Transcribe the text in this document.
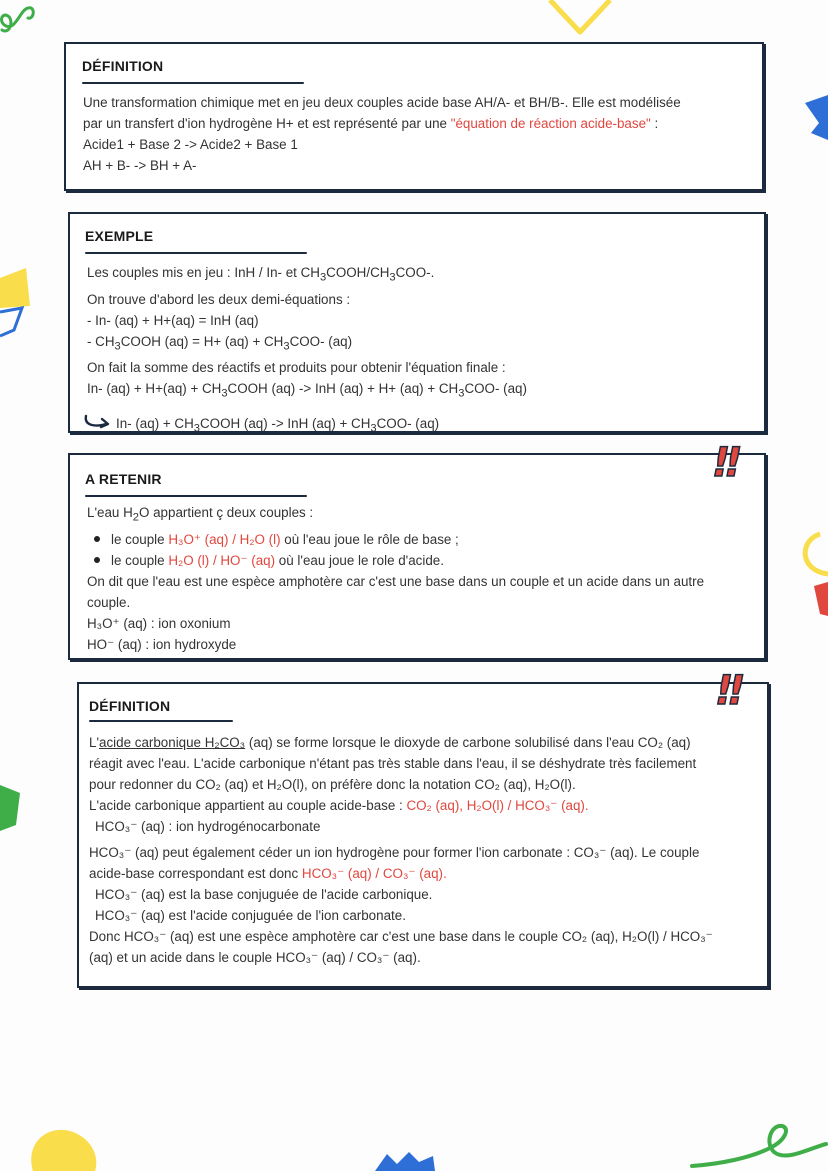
DÉFINITION
Une transformation chimique met en jeu deux couples acide base AH/A- et BH/B-. Elle est modélisée
par un transfert d'ion hydrogène H+ et est représenté par une "équation de réaction acide-base" :
Acide1 + Base 2 -> Acide2 + Base 1
AH + B- -> BH + A-
EXEMPLE
Les couples mis en jeu : InH / In- et $CH_3COOH/CH_3COO-$.
On trouve d'abord les deux demi-équations :
- In- (aq) + H+(aq) = InH (aq)
- $CH_3COOH$ $(aq) = H+ (aq) + CH_3COO-$ (aq)
On fait la somme des réactifs et produits pour obtenir l'équation finale :
In- $(aq) + H+(aq) + CH_3COOH$ (aq) -> InH $(aq) + H+ (aq) + CH_3COO-$ (aq)
In- $(aq) + CH_3COOH$ (aq) -> InH $(aq) + CH_3COO-$ (aq)
A RETENIR
L'eau $H_2O$ appartient ç deux couples :
le couple H₃O⁺ (aq) / H₂O (l) où l'eau joue le rôle de base ;
le couple H₂O (l) / HO⁻ (aq) où l'eau joue le role d'acide.
On dit que l'eau est une espèce amphotère car c'est une base dans un couple et un acide dans un autre
couple.
H₃O⁺ (aq) : ion oxonium
HO⁻ (aq) : ion hydroxyde
!!
DÉFINITION
L'acide carbonique H₂CO₃ (aq) se forme lorsque le dioxyde de carbone solubilisé dans l'eau CO₂ (aq)
réagit avec l'eau. L'acide carbonique n'étant pas très stable dans l'eau, il se déshydrate très facilement
pour redonner du CO₂ (aq) et H₂O(l), on préfère donc la notation CO₂ (aq), H₂O(l).
L'acide carbonique appartient au couple acide-base : CO₂ (aq), H₂O(l) / HCO₃⁻ (aq).
HCO₃⁻ (aq) : ion hydrogénocarbonate
HCO₃⁻ (aq) peut également céder un ion hydrogène pour former l'ion carbonate : CO₃⁻ (aq). Le couple
acide-base correspondant est donc HCO₃⁻ (aq) / CO₃⁻ (aq).
HCO₃⁻ (aq) est la base conjuguée de l'acide carbonique.
HCO₃⁻ (aq) est l'acide conjuguée de l'ion carbonate.
Donc HCO₃⁻ (aq) est une espèce amphotère car c'est une base dans le couple CO₂ (aq), H₂O(l) / HCO₃⁻
(aq) et un acide dans le couple HCO₃⁻ (aq) / CO₃⁻ (aq).
!!
